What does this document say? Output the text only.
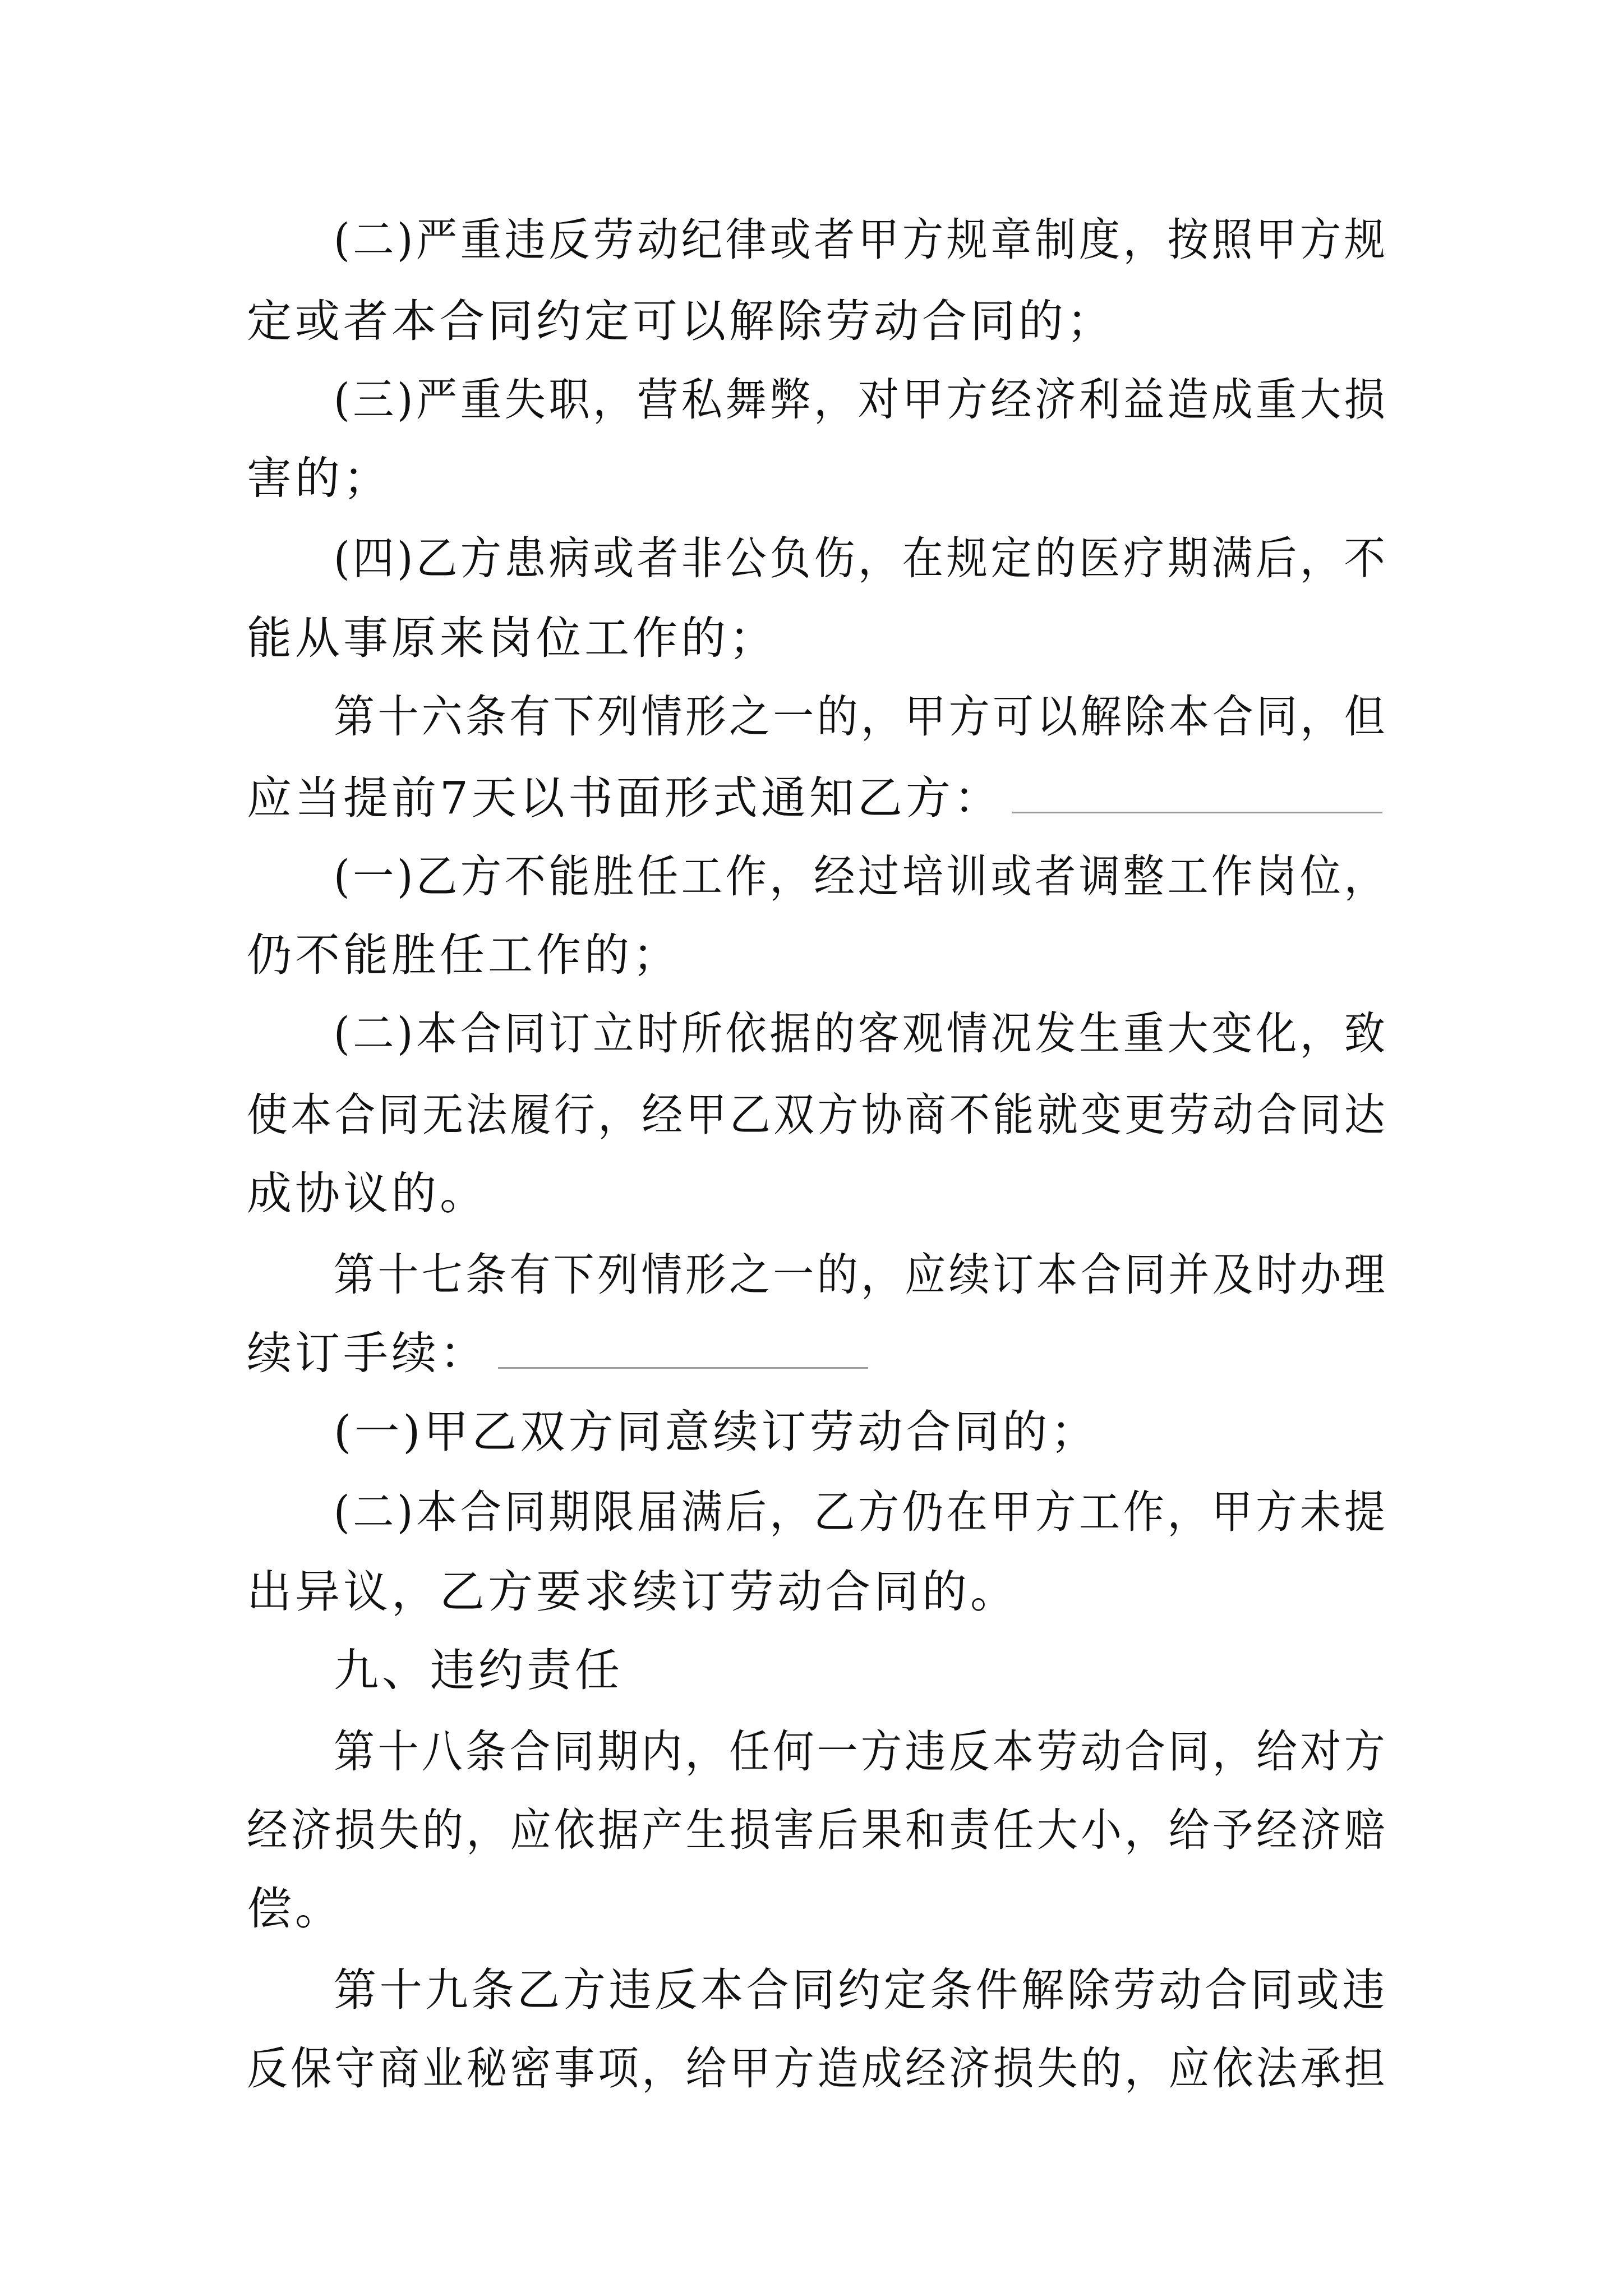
(二)严重违反劳动纪律或者甲方规章制度，按照甲方规
定或者本合同约定可以解除劳动合同的；
(三)严重失职，营私舞弊，对甲方经济利益造成重大损
害的；
(四)乙方患病或者非公负伤，在规定的医疗期满后，不
能从事原来岗位工作的；
第十六条有下列情形之一的，甲方可以解除本合同，但
应当提前7天以书面形式通知乙方：
(一)乙方不能胜任工作，经过培训或者调整工作岗位，
仍不能胜任工作的；
(二)本合同订立时所依据的客观情况发生重大变化，致
使本合同无法履行，经甲乙双方协商不能就变更劳动合同达
成协议的。
第十七条有下列情形之一的，应续订本合同并及时办理
续订手续：
(一)甲乙双方同意续订劳动合同的；
(二)本合同期限届满后，乙方仍在甲方工作，甲方未提
出异议，乙方要求续订劳动合同的。
九、违约责任
第十八条合同期内，任何一方违反本劳动合同，给对方
经济损失的，应依据产生损害后果和责任大小，给予经济赔
偿。
第十九条乙方违反本合同约定条件解除劳动合同或违
反保守商业秘密事项，给甲方造成经济损失的，应依法承担
